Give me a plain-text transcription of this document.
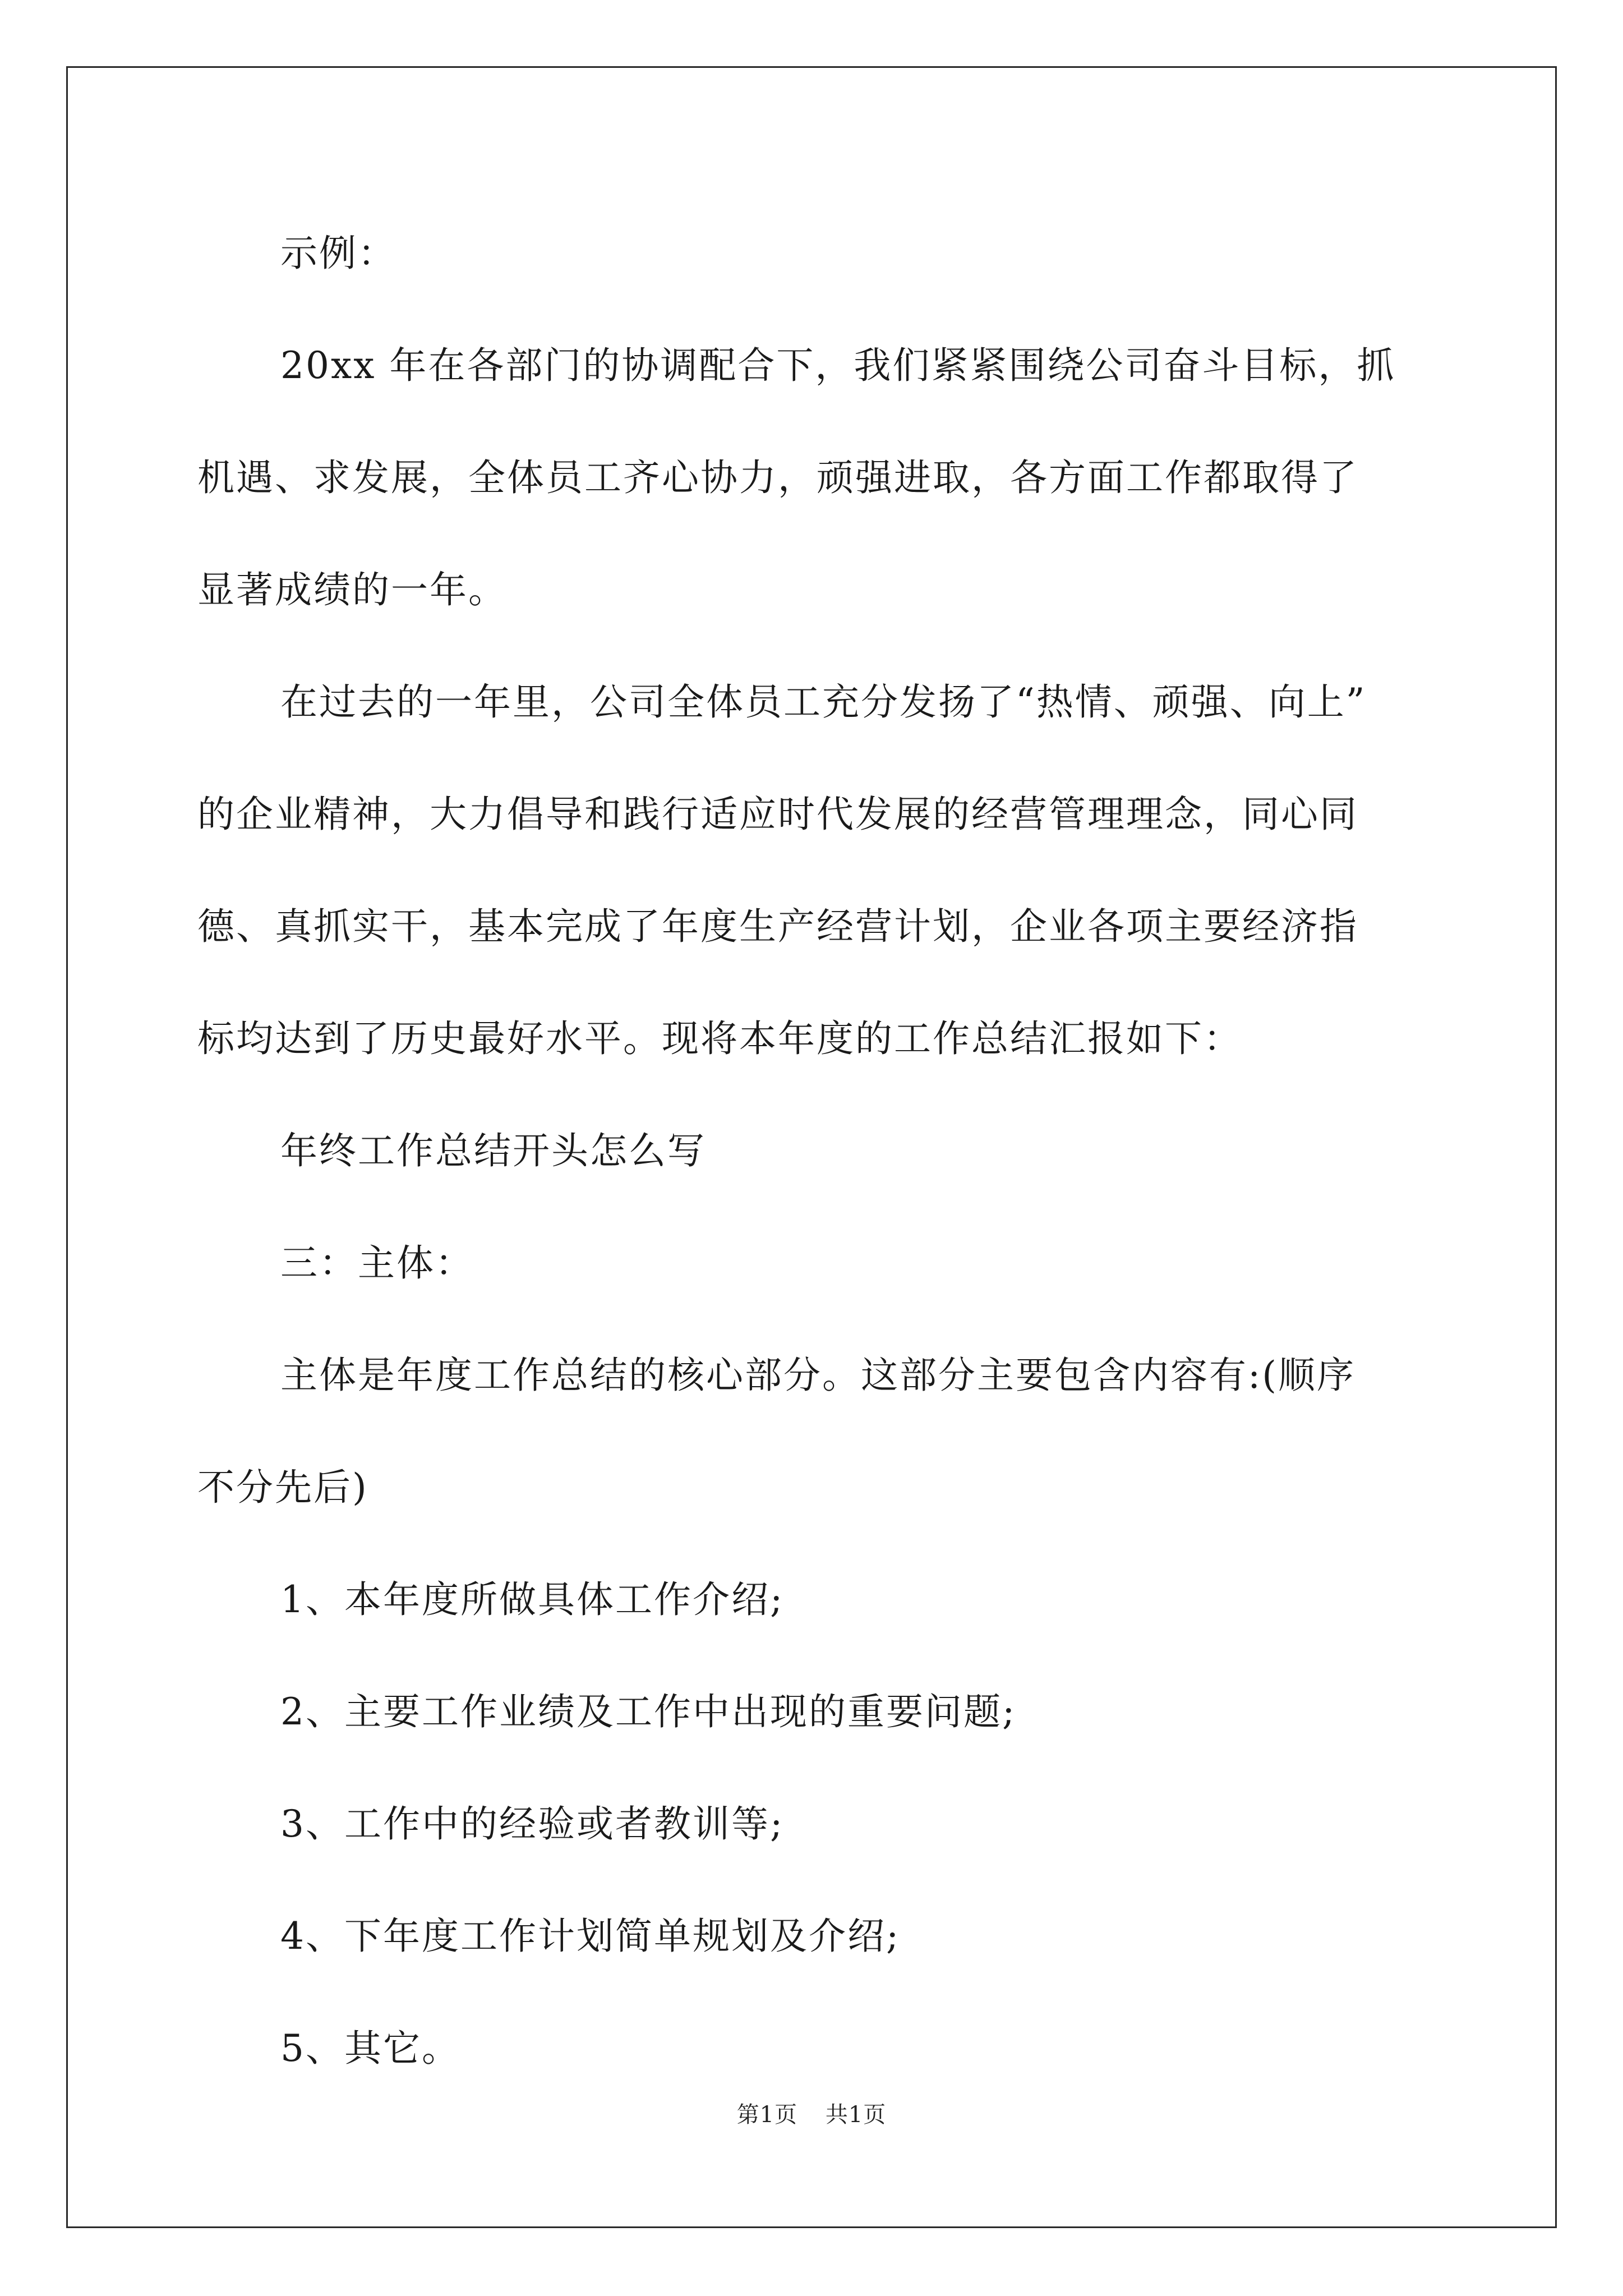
示例：

20xx 年在各部门的协调配合下，我们紧紧围绕公司奋斗目标，抓
机遇、求发展，全体员工齐心协力，顽强进取，各方面工作都取得了
显著成绩的一年。

在过去的一年里，公司全体员工充分发扬了“热情、顽强、向上”
的企业精神，大力倡导和践行适应时代发展的经营管理理念，同心同
德、真抓实干，基本完成了年度生产经营计划，企业各项主要经济指
标均达到了历史最好水平。现将本年度的工作总结汇报如下：

年终工作总结开头怎么写

三：主体：

主体是年度工作总结的核心部分。这部分主要包含内容有:(顺序
不分先后)

1、本年度所做具体工作介绍;

2、主要工作业绩及工作中出现的重要问题;

3、工作中的经验或者教训等;

4、下年度工作计划简单规划及介绍;

5、其它。

第1页 共1页
